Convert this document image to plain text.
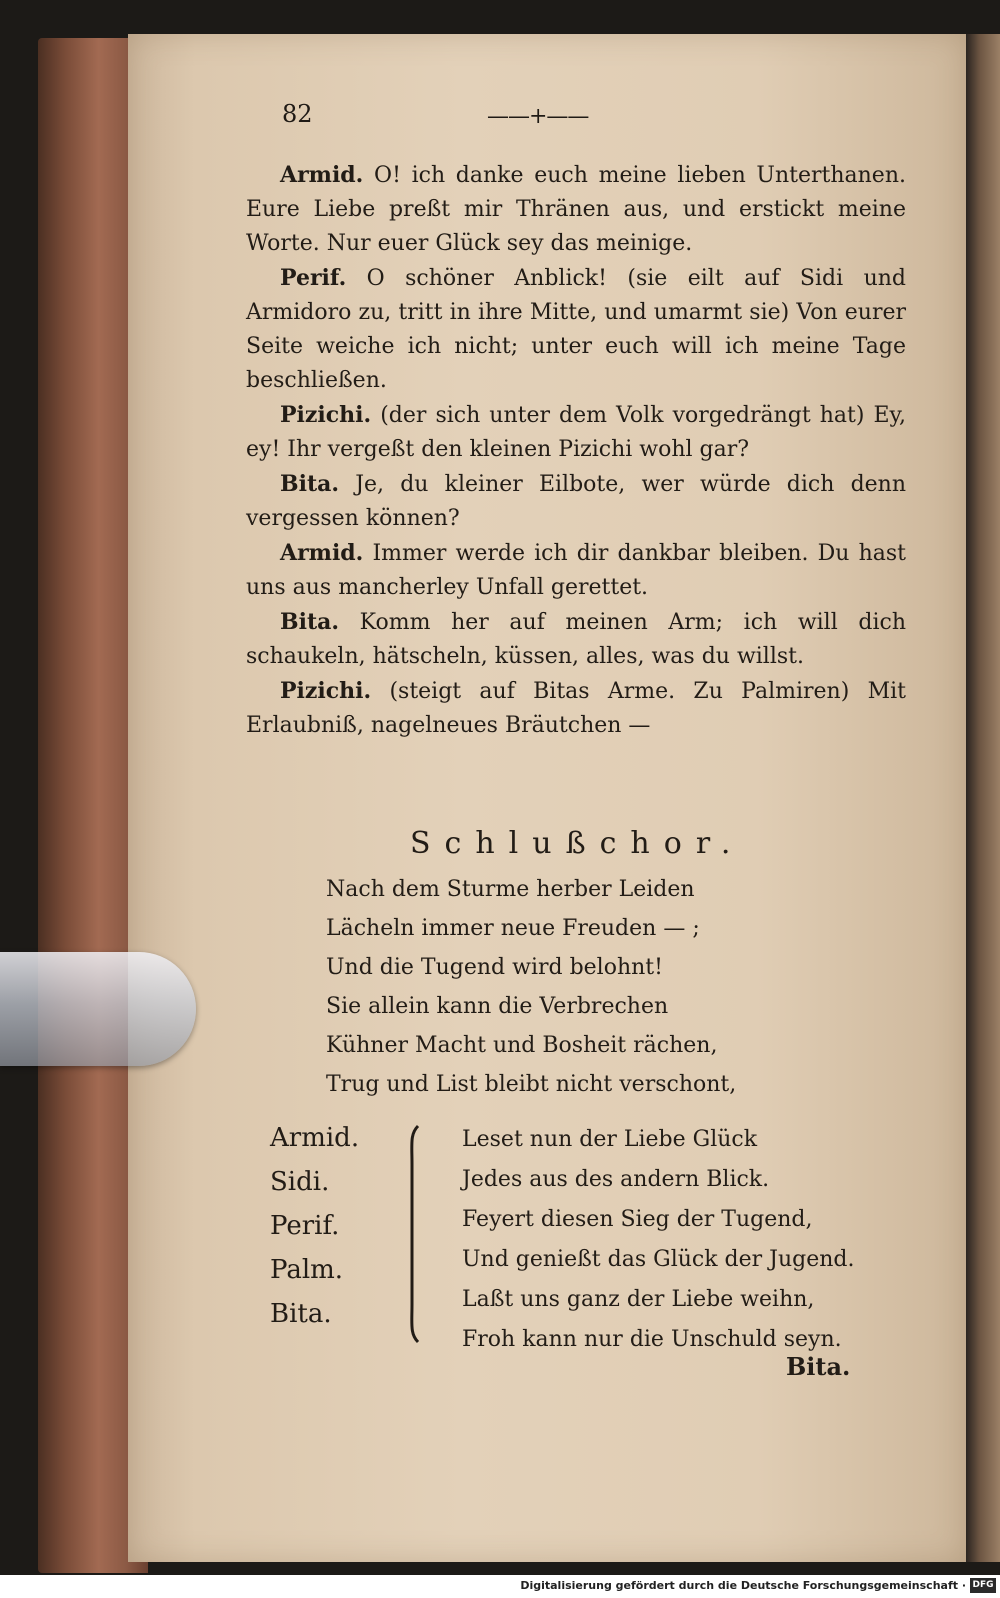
82	——+——

Armid. O! ich danke euch meine lieben Unterthanen. Eure Liebe preßt mir Thränen aus, und erstickt meine Worte. Nur euer Glück sey das meinige.

Perif. O schöner Anblick! (sie eilt auf Sidi und Armidoro zu, tritt in ihre Mitte, und umarmt sie) Von eurer Seite weiche ich nicht; unter euch will ich meine Tage beschließen.

Pizichi. (der sich unter dem Volk vorgedrängt hat) Ey, ey! Ihr vergeßt den kleinen Pizichi wohl gar?

Bita. Je, du kleiner Eilbote, wer würde dich denn vergessen können?

Armid. Immer werde ich dir dankbar bleiben. Du hast uns aus mancherley Unfall gerettet.

Bita. Komm her auf meinen Arm; ich will dich schaukeln, hätscheln, küssen, alles, was du willst.

Pizichi. (steigt auf Bitas Arme. Zu Palmiren) Mit Erlaubniß, nagelneues Bräutchen —

Schlußchor.
Nach dem Sturme herber Leiden
Lächeln immer neue Freuden — ;
Und die Tugend wird belohnt!
Sie allein kann die Verbrechen
Kühner Macht und Bosheit rächen,
Trug und List bleibt nicht verschont,
Armid.
Sidi.
Perif.
Palm.
Bita.
Leset nun der Liebe Glück
Jedes aus des andern Blick.
Feyert diesen Sieg der Tugend,
Und genießt das Glück der Jugend.
Laßt uns ganz der Liebe weihn,
Froh kann nur die Unschuld seyn.
Bita.
Digitalisierung gefördert durch die Deutsche Forschungsgemeinschaft · DFG
